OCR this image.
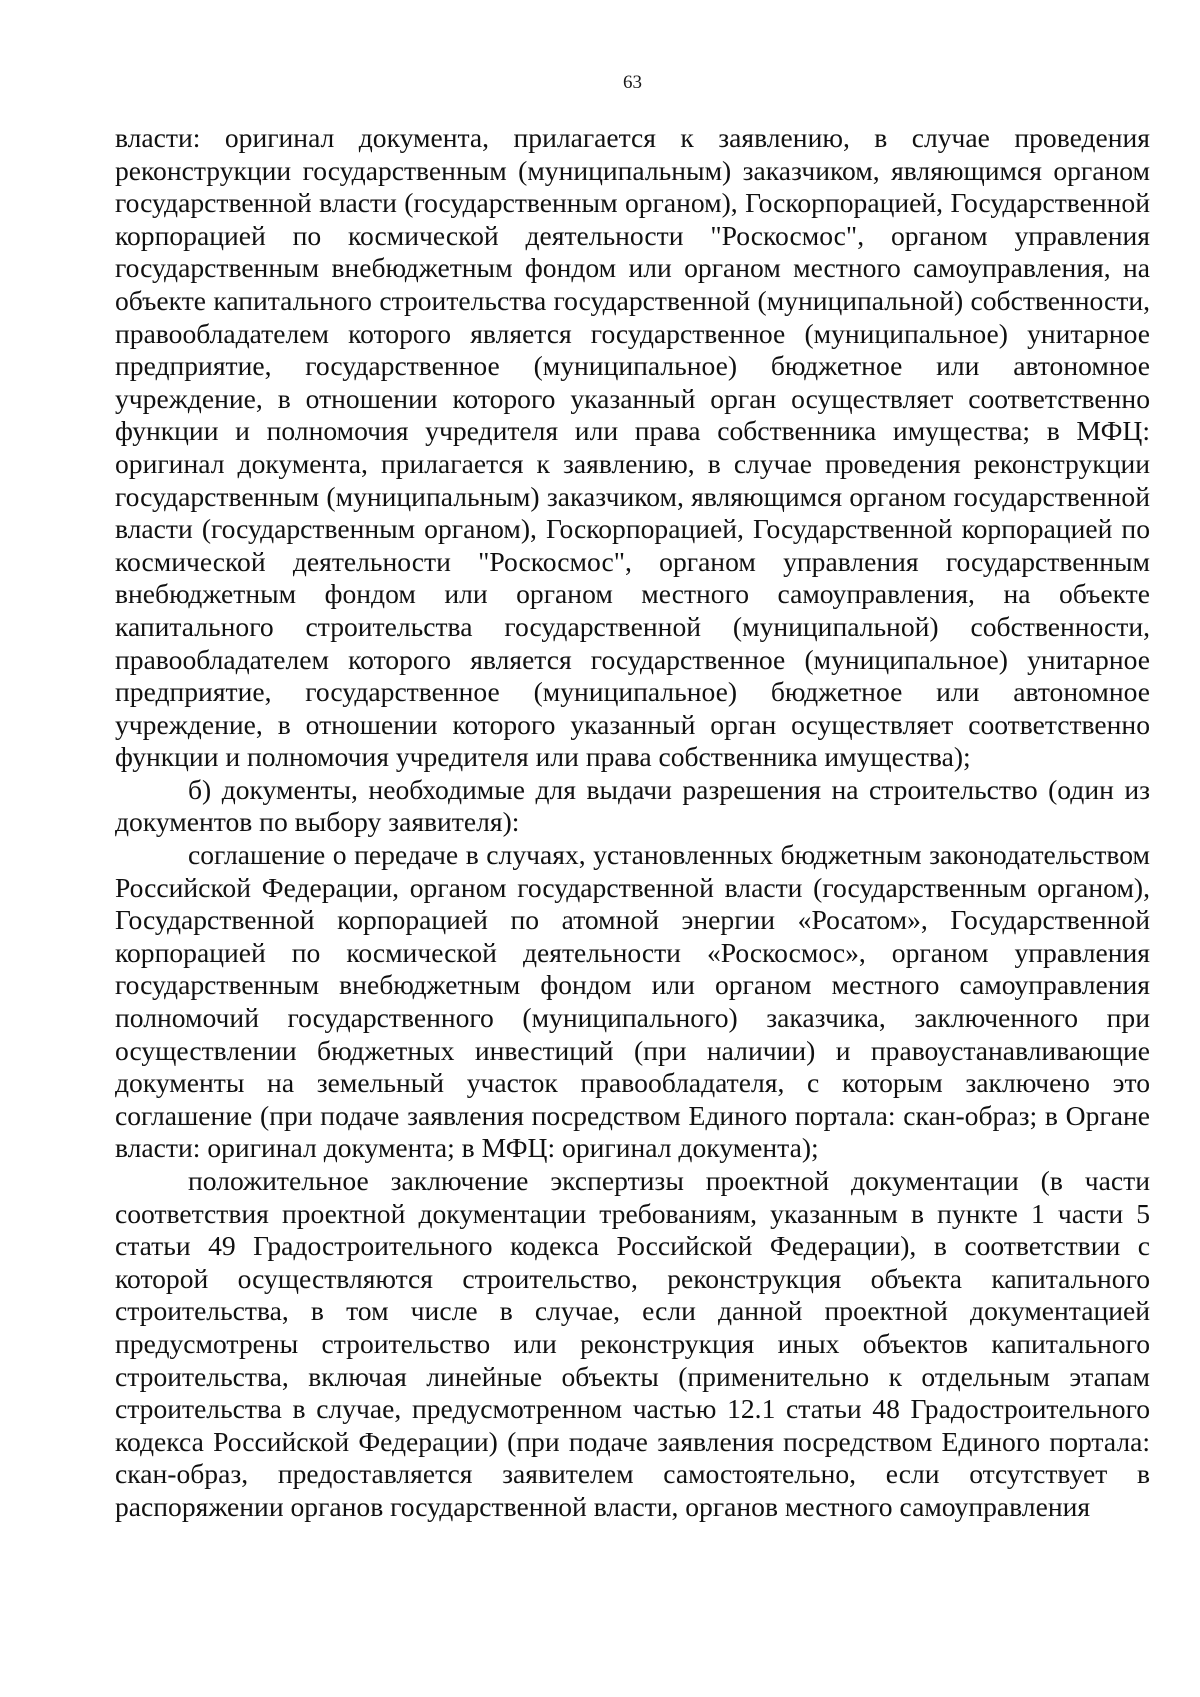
63

власти: оригинал документа, прилагается к заявлению, в случае проведения реконструкции государственным (муниципальным) заказчиком, являющимся органом государственной власти (государственным органом), Госкорпорацией, Государственной корпорацией по космической деятельности "Роскосмос", органом управления государственным внебюджетным фондом или органом местного самоуправления, на объекте капитального строительства государственной (муниципальной) собственности, правообладателем которого является государственное (муниципальное) унитарное предприятие, государственное (муниципальное) бюджетное или автономное учреждение, в отношении которого указанный орган осуществляет соответственно функции и полномочия учредителя или права собственника имущества; в МФЦ: оригинал документа, прилагается к заявлению, в случае проведения реконструкции государственным (муниципальным) заказчиком, являющимся органом государственной власти (государственным органом), Госкорпорацией, Государственной корпорацией по космической деятельности "Роскосмос", органом управления государственным внебюджетным фондом или органом местного самоуправления, на объекте капитального строительства государственной (муниципальной) собственности, правообладателем которого является государственное (муниципальное) унитарное предприятие, государственное (муниципальное) бюджетное или автономное учреждение, в отношении которого указанный орган осуществляет соответственно функции и полномочия учредителя или права собственника имущества);

б) документы, необходимые для выдачи разрешения на строительство (один из документов по выбору заявителя):

соглашение о передаче в случаях, установленных бюджетным законодательством Российской Федерации, органом государственной власти (государственным органом), Государственной корпорацией по атомной энергии «Росатом», Государственной корпорацией по космической деятельности «Роскосмос», органом управления государственным внебюджетным фондом или органом местного самоуправления полномочий государственного (муниципального) заказчика, заключенного при осуществлении бюджетных инвестиций (при наличии) и правоустанавливающие документы на земельный участок правообладателя, с которым заключено это соглашение (при подаче заявления посредством Единого портала: скан-образ; в Органе власти: оригинал документа; в МФЦ: оригинал документа);

положительное заключение экспертизы проектной документации (в части соответствия проектной документации требованиям, указанным в пункте 1 части 5 статьи 49 Градостроительного кодекса Российской Федерации), в соответствии с которой осуществляются строительство, реконструкция объекта капитального строительства, в том числе в случае, если данной проектной документацией предусмотрены строительство или реконструкция иных объектов капитального строительства, включая линейные объекты (применительно к отдельным этапам строительства в случае, предусмотренном частью 12.1 статьи 48 Градостроительного кодекса Российской Федерации) (при подаче заявления посредством Единого портала: скан-образ, предоставляется заявителем самостоятельно, если отсутствует в распоряжении органов государственной власти, органов местного самоуправления
